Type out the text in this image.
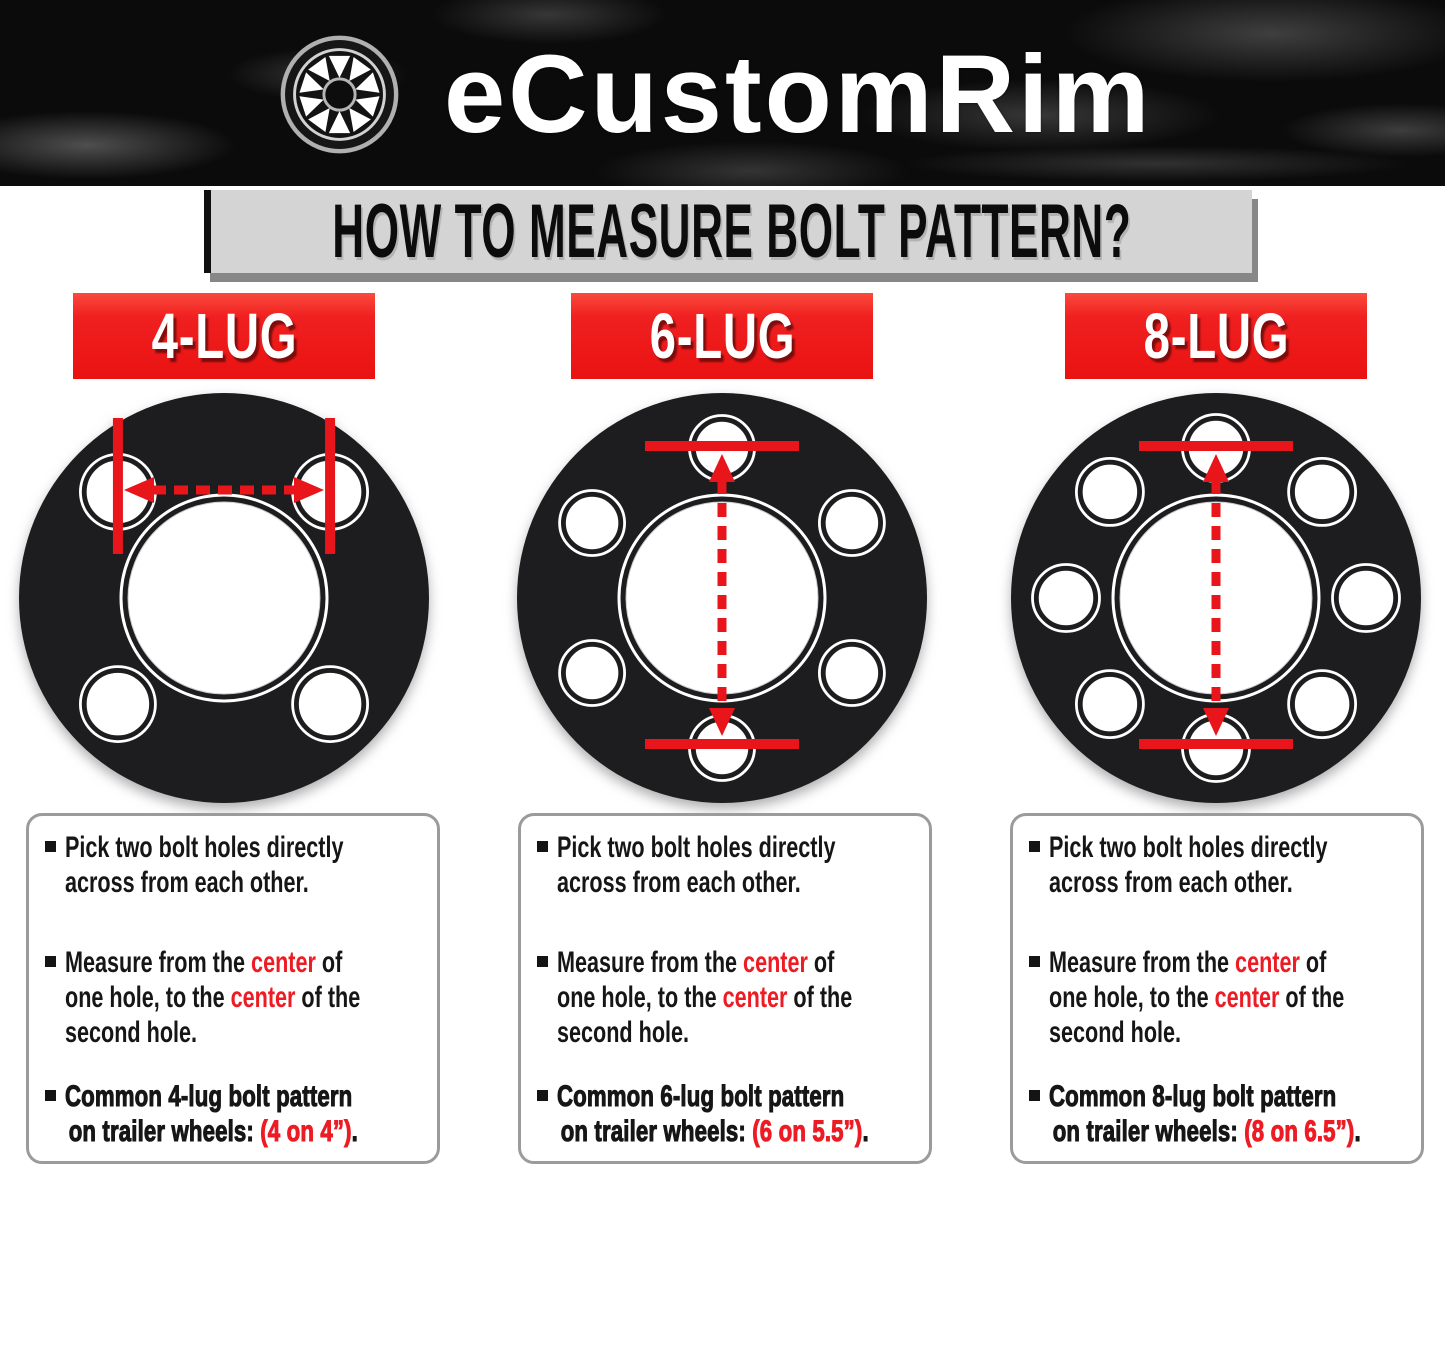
eCustomRim
HOW TO MEASURE BOLT PATTERN?
4-LUG	6-LUG	8-LUG
Pick two bolt holes directly
across from each other.
Measure from the center of
one hole, to the center of the
second hole.
Common 4-lug bolt pattern
on trailer wheels: (4 on 4”).
Pick two bolt holes directly
across from each other.
Measure from the center of
one hole, to the center of the
second hole.
Common 6-lug bolt pattern
on trailer wheels: (6 on 5.5”).
Pick two bolt holes directly
across from each other.
Measure from the center of
one hole, to the center of the
second hole.
Common 8-lug bolt pattern
on trailer wheels: (8 on 6.5”).
